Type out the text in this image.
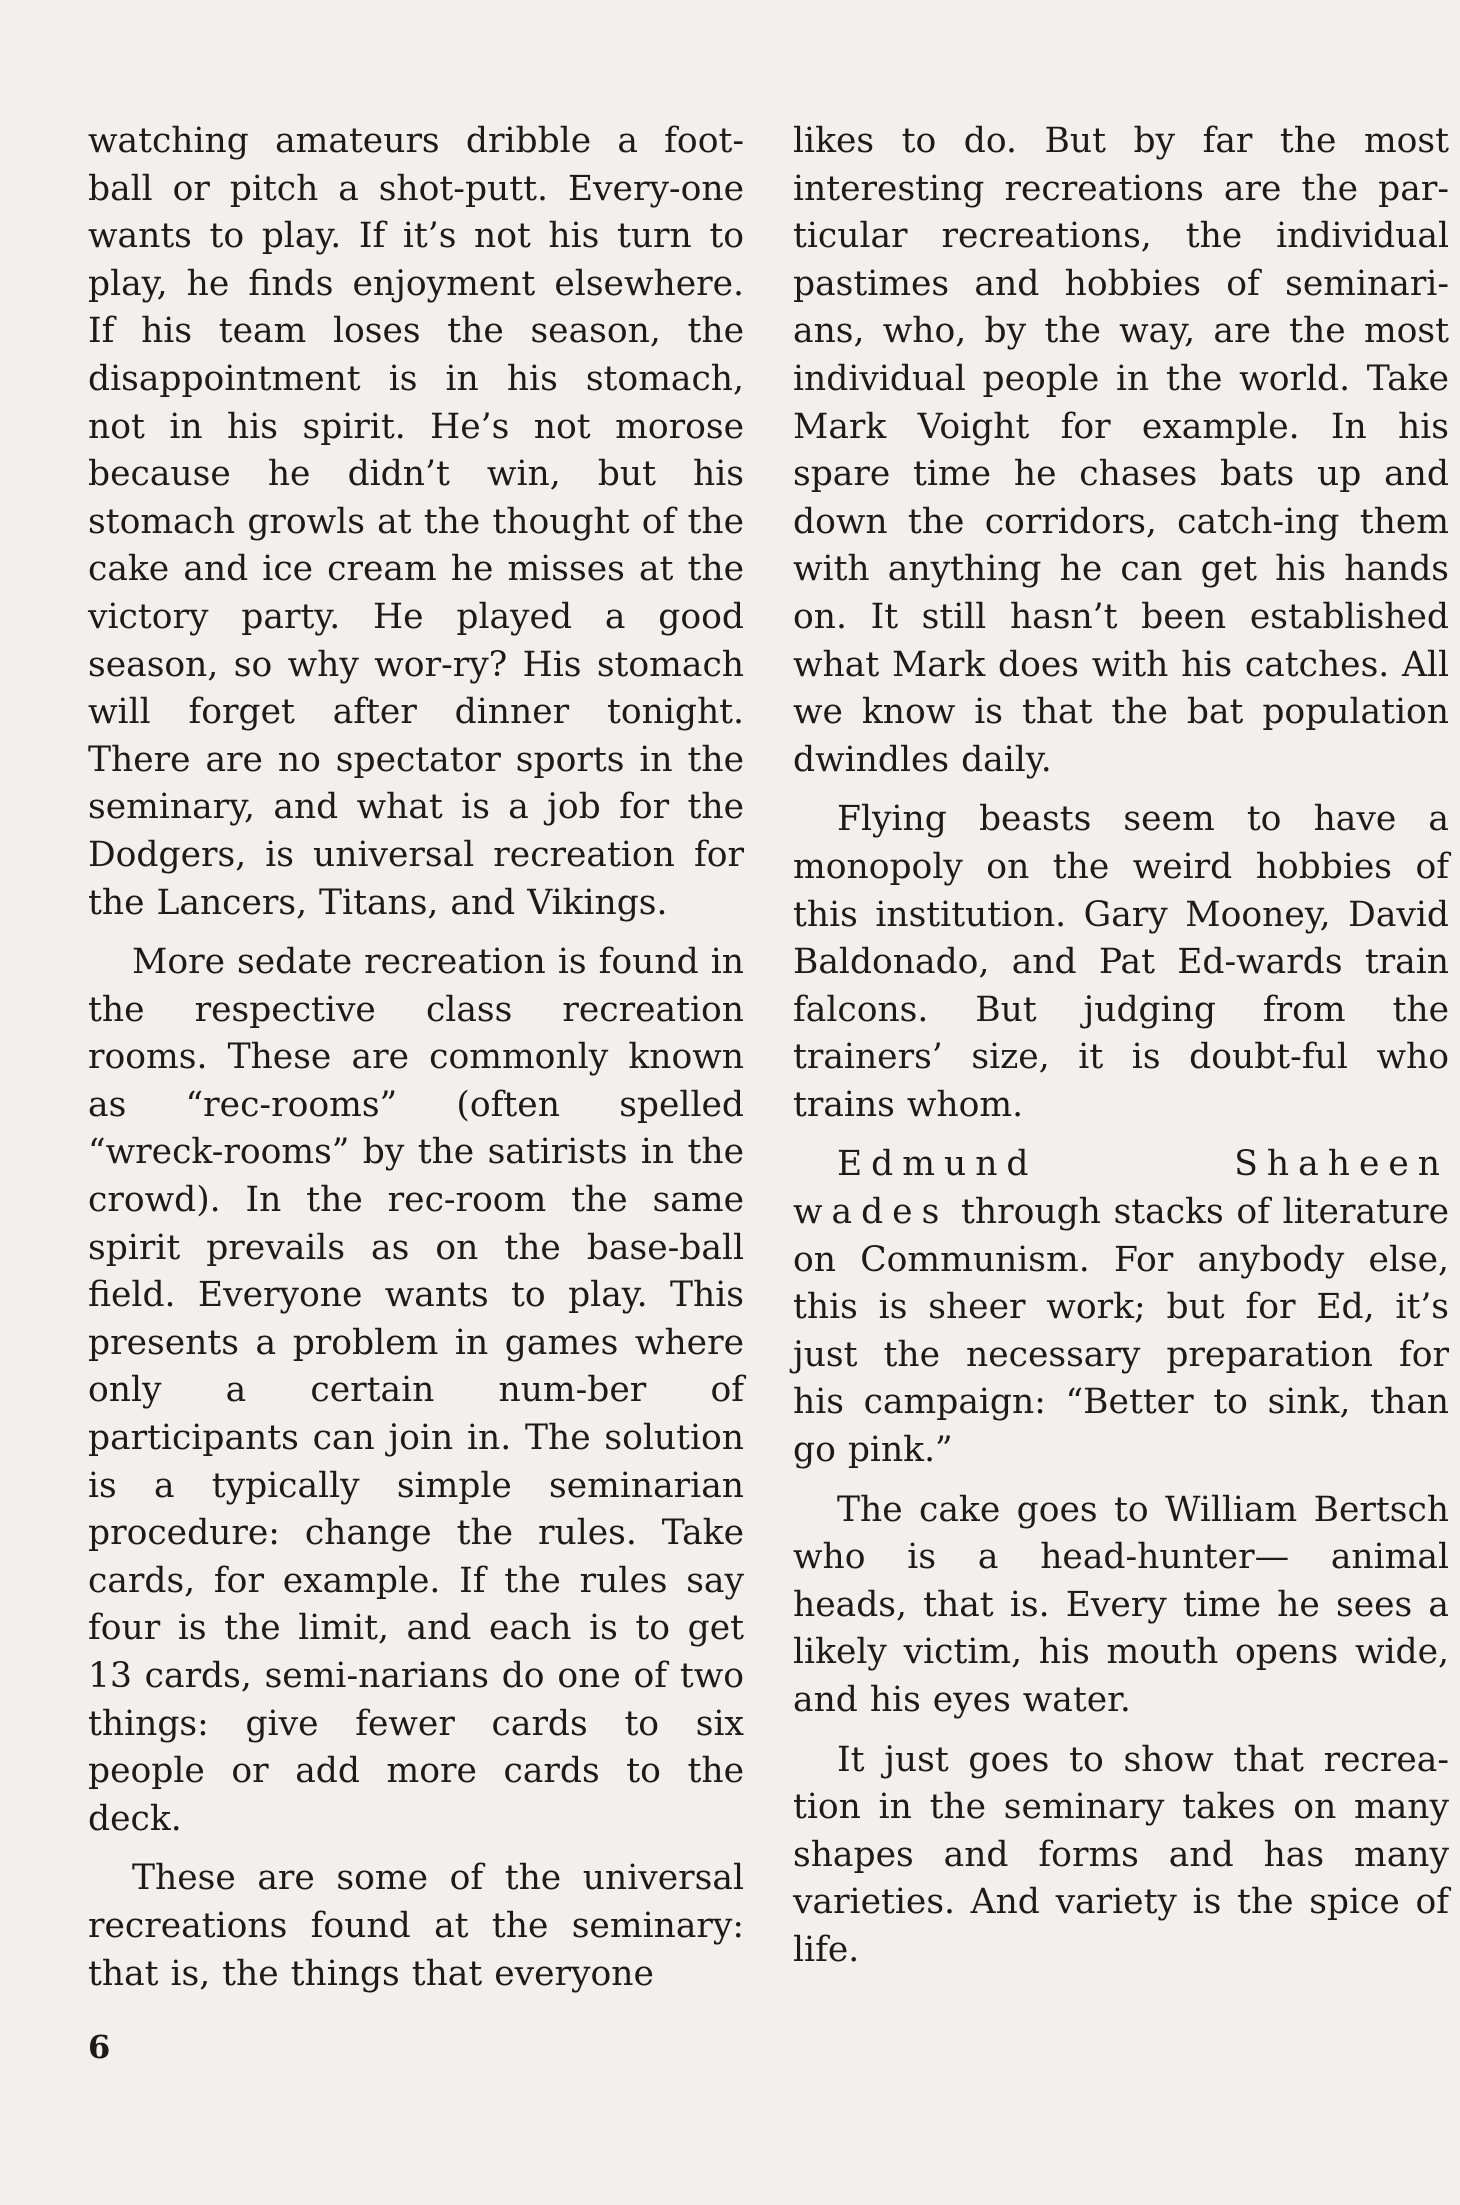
watching amateurs dribble a foot-ball or pitch a shot-putt. Every-one wants to play. If it’s not his turn to play, he finds enjoyment elsewhere. If his team loses the season, the disappointment is in his stomach, not in his spirit. He’s not morose because he didn’t win, but his stomach growls at the thought of the cake and ice cream he misses at the victory party. He played a good season, so why wor-ry? His stomach will forget after dinner tonight. There are no spectator sports in the seminary, and what is a job for the Dodgers, is universal recreation for the Lancers, Titans, and Vikings.

More sedate recreation is found in the respective class recreation rooms. These are commonly known as “rec-rooms” (often spelled “wreck-rooms” by the satirists in the crowd). In the rec-room the same spirit prevails as on the base-ball field. Everyone wants to play. This presents a problem in games where only a certain num-ber of participants can join in. The solution is a typically simple seminarian procedure: change the rules. Take cards, for example. If the rules say four is the limit, and each is to get 13 cards, semi-narians do one of two things: give fewer cards to six people or add more cards to the deck.

These are some of the universal recreations found at the seminary: that is, the things that everyone

likes to do. But by far the most interesting recreations are the par-ticular recreations, the individual pastimes and hobbies of seminari-ans, who, by the way, are the most individual people in the world. Take Mark Voight for example. In his spare time he chases bats up and down the corridors, catch-ing them with anything he can get his hands on. It still hasn’t been established what Mark does with his catches. All we know is that the bat population dwindles daily.

Flying beasts seem to have a monopoly on the weird hobbies of this institution. Gary Mooney, David Baldonado, and Pat Ed-wards train falcons. But judging from the trainers’ size, it is doubt-ful who trains whom.

Edmund Shaheen wades through stacks of literature on Communism. For anybody else, this is sheer work; but for Ed, it’s just the necessary preparation for his campaign: “Better to sink, than go pink.”

The cake goes to William Bertsch who is a head-hunter— animal heads, that is. Every time he sees a likely victim, his mouth opens wide, and his eyes water.

It just goes to show that recrea-tion in the seminary takes on many shapes and forms and has many varieties. And variety is the spice of life.

6
